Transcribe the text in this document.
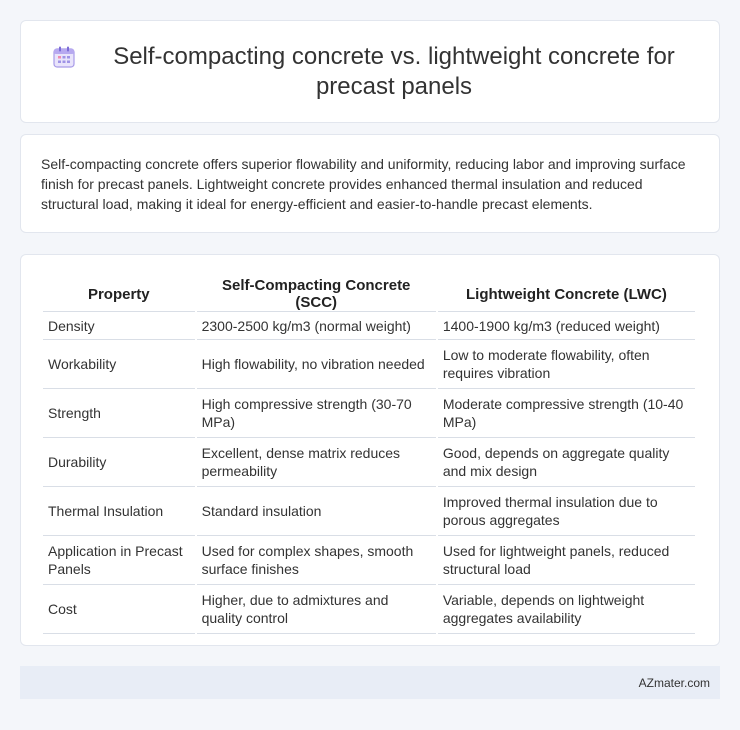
Self-compacting concrete vs. lightweight concrete for precast panels

Self-compacting concrete offers superior flowability and uniformity, reducing labor and improving surface finish for precast panels. Lightweight concrete provides enhanced thermal insulation and reduced structural load, making it ideal for energy-efficient and easier-to-handle precast elements.

Property	Self-Compacting Concrete (SCC)	Lightweight Concrete (LWC)
Density	2300-2500 kg/m3 (normal weight)	1400-1900 kg/m3 (reduced weight)
Workability	High flowability, no vibration needed	Low to moderate flowability, often requires vibration
Strength	High compressive strength (30-70 MPa)	Moderate compressive strength (10-40 MPa)
Durability	Excellent, dense matrix reduces permeability	Good, depends on aggregate quality and mix design
Thermal Insulation	Standard insulation	Improved thermal insulation due to porous aggregates
Application in Precast Panels	Used for complex shapes, smooth surface finishes	Used for lightweight panels, reduced structural load
Cost	Higher, due to admixtures and quality control	Variable, depends on lightweight aggregates availability
AZmater.com
